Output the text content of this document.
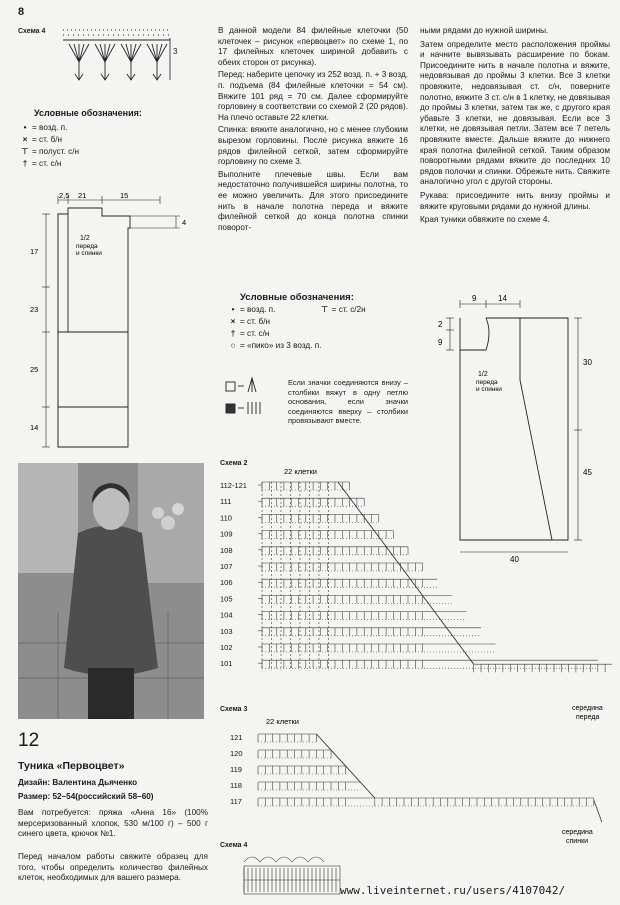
8
Схема 4
3
Условные обозначения:
• = возд. п.
× = ст. б/н
⊤ = полуст. с/н
† = ст. с/н
2,5 21	15
4
17
23
25
14
1/2
переда
и спинки
12
Туника «Первоцвет»
Дизайн: Валентина Дьяченко
Размер: 52–54(российский 58–60)
Вам потребуется: пряжа «Анна 16» (100% мерсеризованный хлопок, 530 м/100 г) – 500 г синего цвета, крючок №1.
Перед началом работы свяжите образец для того, чтобы определить количество филейных клеток, необходимых для вашего размера.

В данной модели 84 филейные клеточки (50 клеточек – рисунок «первоцвет» по схеме 1, по 17 филейных клеточек шириной добавить с обеих сторон от рисунка).

Перед: наберите цепочку из 252 возд. п. + 3 возд. п. подъема (84 филейные клеточки = 54 см). Вяжите 101 ряд = 70 см. Далее сформируйте горловину в соответствии со схемой 2 (20 рядов). На плечо оставьте 22 клетки.

Спинка: вяжите аналогично, но с менее глубоким вырезом горловины. После рисунка вяжите 16 рядов филейной сеткой, затем сформируйте горловину по схеме 3.

Выполните плечевые швы. Если вам недостаточно получившейся ширины полотна, то ее можно увеличить. Для этого присоедините нить в начале полотна переда и вяжите филейной сеткой до конца полотна спинки поворот-

ными рядами до нужной ширины.

Затем определите место расположения проймы и начните вывязывать расширение по бокам. Присоедините нить в начале полотна и вяжите, недовязывая до проймы 3 клетки. Все 3 клетки провяжите, недовязывая ст. с/н, поверните полотно, вяжите 3 ст. с/н в 1 клетку, не довязывая до проймы 3 клетки, затем так же, с другого края убавьте 3 клетки, не довязывая. Если все 3 клетки, не довязывая петли. Затем все 7 петель провяжите вместе. Дальше вяжите до нижнего края полотна филейной сеткой. Таким образом поворотными рядами вяжите до последних 10 рядов полочки и спинки. Обрежьте нить. Свяжите аналогично угол с другой стороны.

Рукава: присоедините нить внизу проймы и вяжите круговыми рядами до нужной длины.

Края туники обвяжите по схеме 4.

Условные обозначения:
• = возд. п.	⊤ = ст. с/2н
× = ст. б/н
† = ст. с/н
○ = «пико» из 3 возд. п.
Если значки соединяются внизу – столбики вяжут в одну петлю основания, если значки соединяются вверху – столбики провязывают вместе.
9	14
2
9
30
45
40
1/2
переда
и спинки
Схема 2
22 клетки
112-121
111
110
109
108
107
106
105
104
103
102
101
середина
переда
Схема 3
22 клетки
121
120
119
118
117
середина
спинки
Схема 4
www.liveinternet.ru/users/4107042/
